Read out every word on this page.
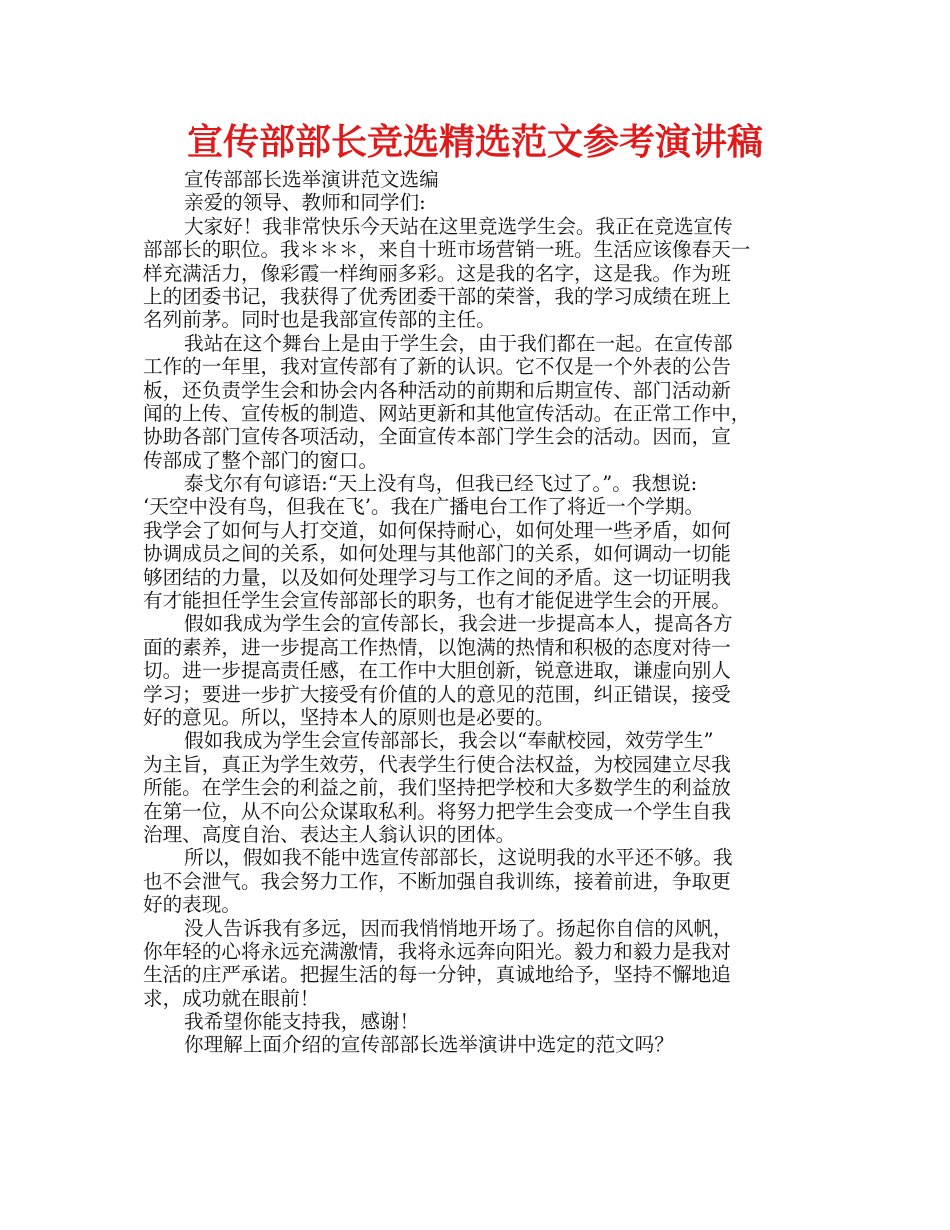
宣传部部长竞选精选范文参考演讲稿
宣传部部长选举演讲范文选编
亲爱的领导、教师和同学们:
大家好！我非常快乐今天站在这里竞选学生会。我正在竞选宣传
部部长的职位。我＊＊＊，来自十班市场营销一班。生活应该像春天一
样充满活力，像彩霞一样绚丽多彩。这是我的名字，这是我。作为班
上的团委书记，我获得了优秀团委干部的荣誉，我的学习成绩在班上
名列前茅。同时也是我部宣传部的主任。
我站在这个舞台上是由于学生会，由于我们都在一起。在宣传部
工作的一年里，我对宣传部有了新的认识。它不仅是一个外表的公告
板，还负责学生会和协会内各种活动的前期和后期宣传、部门活动新
闻的上传、宣传板的制造、网站更新和其他宣传活动。在正常工作中，
协助各部门宣传各项活动，全面宣传本部门学生会的活动。因而，宣
传部成了整个部门的窗口。
泰戈尔有句谚语:“天上没有鸟，但我已经飞过了。”。我想说:
‘天空中没有鸟，但我在飞’。我在广播电台工作了将近一个学期。
我学会了如何与人打交道，如何保持耐心，如何处理一些矛盾，如何
协调成员之间的关系，如何处理与其他部门的关系，如何调动一切能
够团结的力量，以及如何处理学习与工作之间的矛盾。这一切证明我
有才能担任学生会宣传部部长的职务，也有才能促进学生会的开展。
假如我成为学生会的宣传部长，我会进一步提高本人，提高各方
面的素养，进一步提高工作热情，以饱满的热情和积极的态度对待一
切。进一步提高责任感，在工作中大胆创新，锐意进取，谦虚向别人
学习；要进一步扩大接受有价值的人的意见的范围，纠正错误，接受
好的意见。所以，坚持本人的原则也是必要的。
假如我成为学生会宣传部部长，我会以“奉献校园，效劳学生”
为主旨，真正为学生效劳，代表学生行使合法权益，为校园建立尽我
所能。在学生会的利益之前，我们坚持把学校和大多数学生的利益放
在第一位，从不向公众谋取私利。将努力把学生会变成一个学生自我
治理、高度自治、表达主人翁认识的团体。
所以，假如我不能中选宣传部部长，这说明我的水平还不够。我
也不会泄气。我会努力工作，不断加强自我训练，接着前进，争取更
好的表现。
没人告诉我有多远，因而我悄悄地开场了。扬起你自信的风帆，
你年轻的心将永远充满激情，我将永远奔向阳光。毅力和毅力是我对
生活的庄严承诺。把握生活的每一分钟，真诚地给予，坚持不懈地追
求，成功就在眼前！
我希望你能支持我，感谢！
你理解上面介绍的宣传部部长选举演讲中选定的范文吗？
